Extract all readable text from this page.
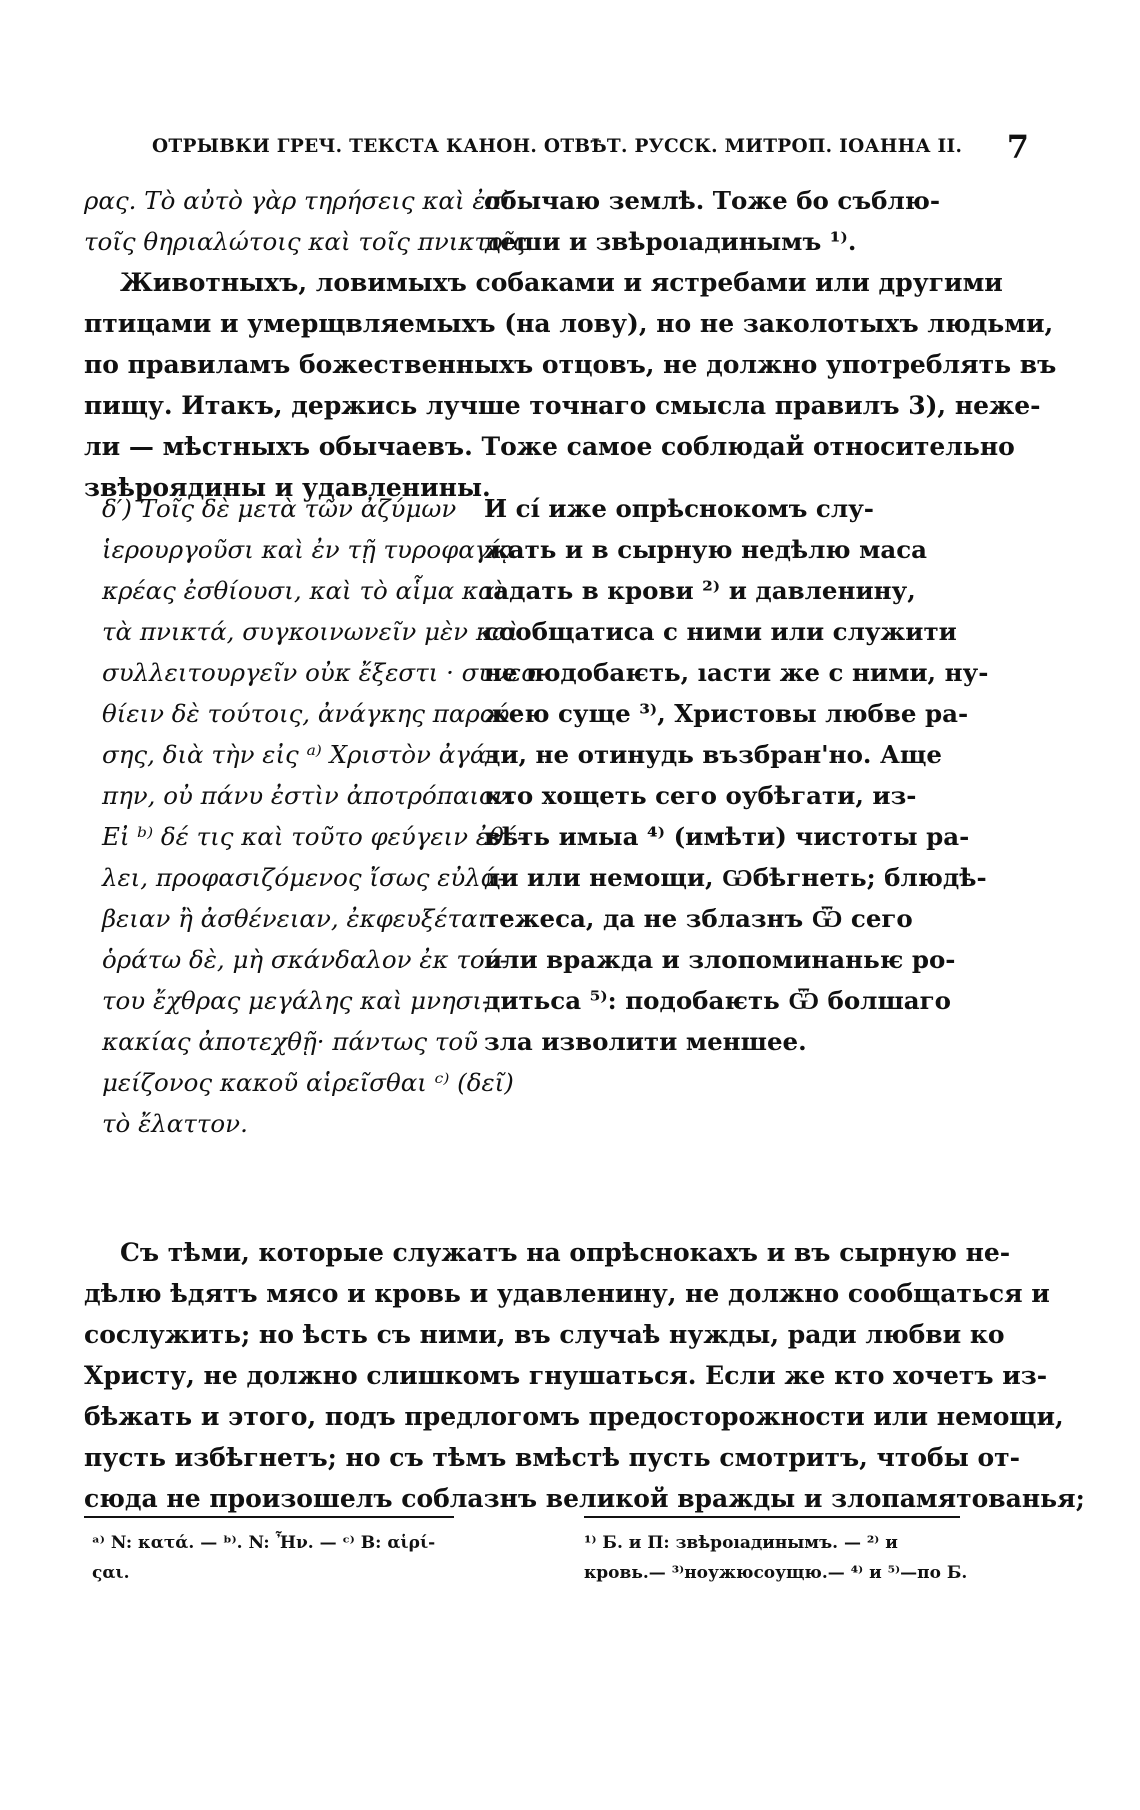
ОТРЫВКИ ГРЕЧ. ТЕКСТА КАНОН. ОТВѢТ. РУССК. МИТРОП. ІОАННА II. 7
ρας. Τὸ αὐτὸ γὰρ τηρήσεις καὶ ἐπὶ
τοῖς θηριαλώτοις καὶ τοῖς πνικτοῖς.
обычаю землѣ. Тоже бо съблю-
деши и звѣроıадинымъ ¹⁾.
Животныхъ, ловимыхъ собаками и ястребами или другими
птицами и умерщвляемыхъ (на лову), но не заколотыхъ людьми,
по правиламъ божественныхъ отцовъ, не должно употреблять въ
пищу. Итакъ, держись лучше точнаго смысла правилъ 3), неже-
ли — мѣстныхъ обычаевъ. Тоже самое соблюдай относительно
звѣроядины и удавленины.
δ′) Τοῖς δὲ μετὰ τῶν ἀζύμων
ἱερουργοῦσι καὶ ἐν τῇ τυροφαγίᾳ
κρέας ἐσθίουσι, καὶ τὸ αἷμα καὶ
τὰ πνικτά, συγκοινωνεῖν μὲν καὶ
συλλειτουργεῖν οὐκ ἔξεστι · συνεσ-
θίειν δὲ τούτοις, ἀνάγκης παρού-
σης, διὰ τὴν εἰς ᵃ⁾ Χριστὸν ἀγά-
πην, οὐ πάνυ ἐστὶν ἀποτρόπαιον.
Εἰ ᵇ⁾ δέ τις καὶ τοῦτο φεύγειν ἐθέ-
λει, προφασιζόμενος ἴσως εὐλά-
βειαν ἢ ἀσθένειαν, ἐκφευξέται·
ὁράτω δὲ, μὴ σκάνδαλον ἐκ τού-
του ἔχθρας μεγάλης καὶ μνησι-
κακίας ἀποτεχθῇ· πάντως τοῦ
μείζονος κακοῦ αἱρεῖσθαι ᶜ⁾ (δεῖ)
τὸ ἔλαττον.
И сі́ иже опрѣснокомъ слу-
жать и в сырную недѣлю маса
ıадать в крови ²⁾ и давленину,
сообщатиса с ними или служити
не подобаѥть, ıасти же с ними, ну-
жею суще ³⁾, Христовы любве ра-
ди, не отинудь възбран'но. Аще
кто хощеть сего оубѣгати, из-
вѣть имыа ⁴⁾ (имѣти) чистоты ра-
ди или немощи, Ѡбѣгнеть; блюдѣ-
тежеса, да не зблазнъ Ѿ сего
или вражда и злопоминаньѥ ро-
дитьса ⁵⁾: подобаѥть Ѿ болшаго
зла изволити меншее.
Съ тѣми, которые служатъ на опрѣснокахъ и въ сырную не-
дѣлю ѣдятъ мясо и кровь и удавленину, не должно сообщаться и
сослужить; но ѣсть съ ними, въ случаѣ нужды, ради любви ко
Христу, не должно слишкомъ гнушаться. Если же кто хочетъ из-
бѣжать и этого, подъ предлогомъ предосторожности или немощи,
пусть избѣгнетъ; но съ тѣмъ вмѣстѣ пусть смотритъ, чтобы от-
сюда не произошелъ соблазнъ великой вражды и злопамятованья;
ᵃ⁾ N: κατά. — ᵇ⁾. N: Ἦν. — ᶜ⁾ B: αἱρί-
ςαι.
¹⁾ Б. и П: звѣроıадинымъ. — ²⁾ и
кровь.— ³⁾ноужюсоущю.— ⁴⁾ и ⁵⁾—по Б.
